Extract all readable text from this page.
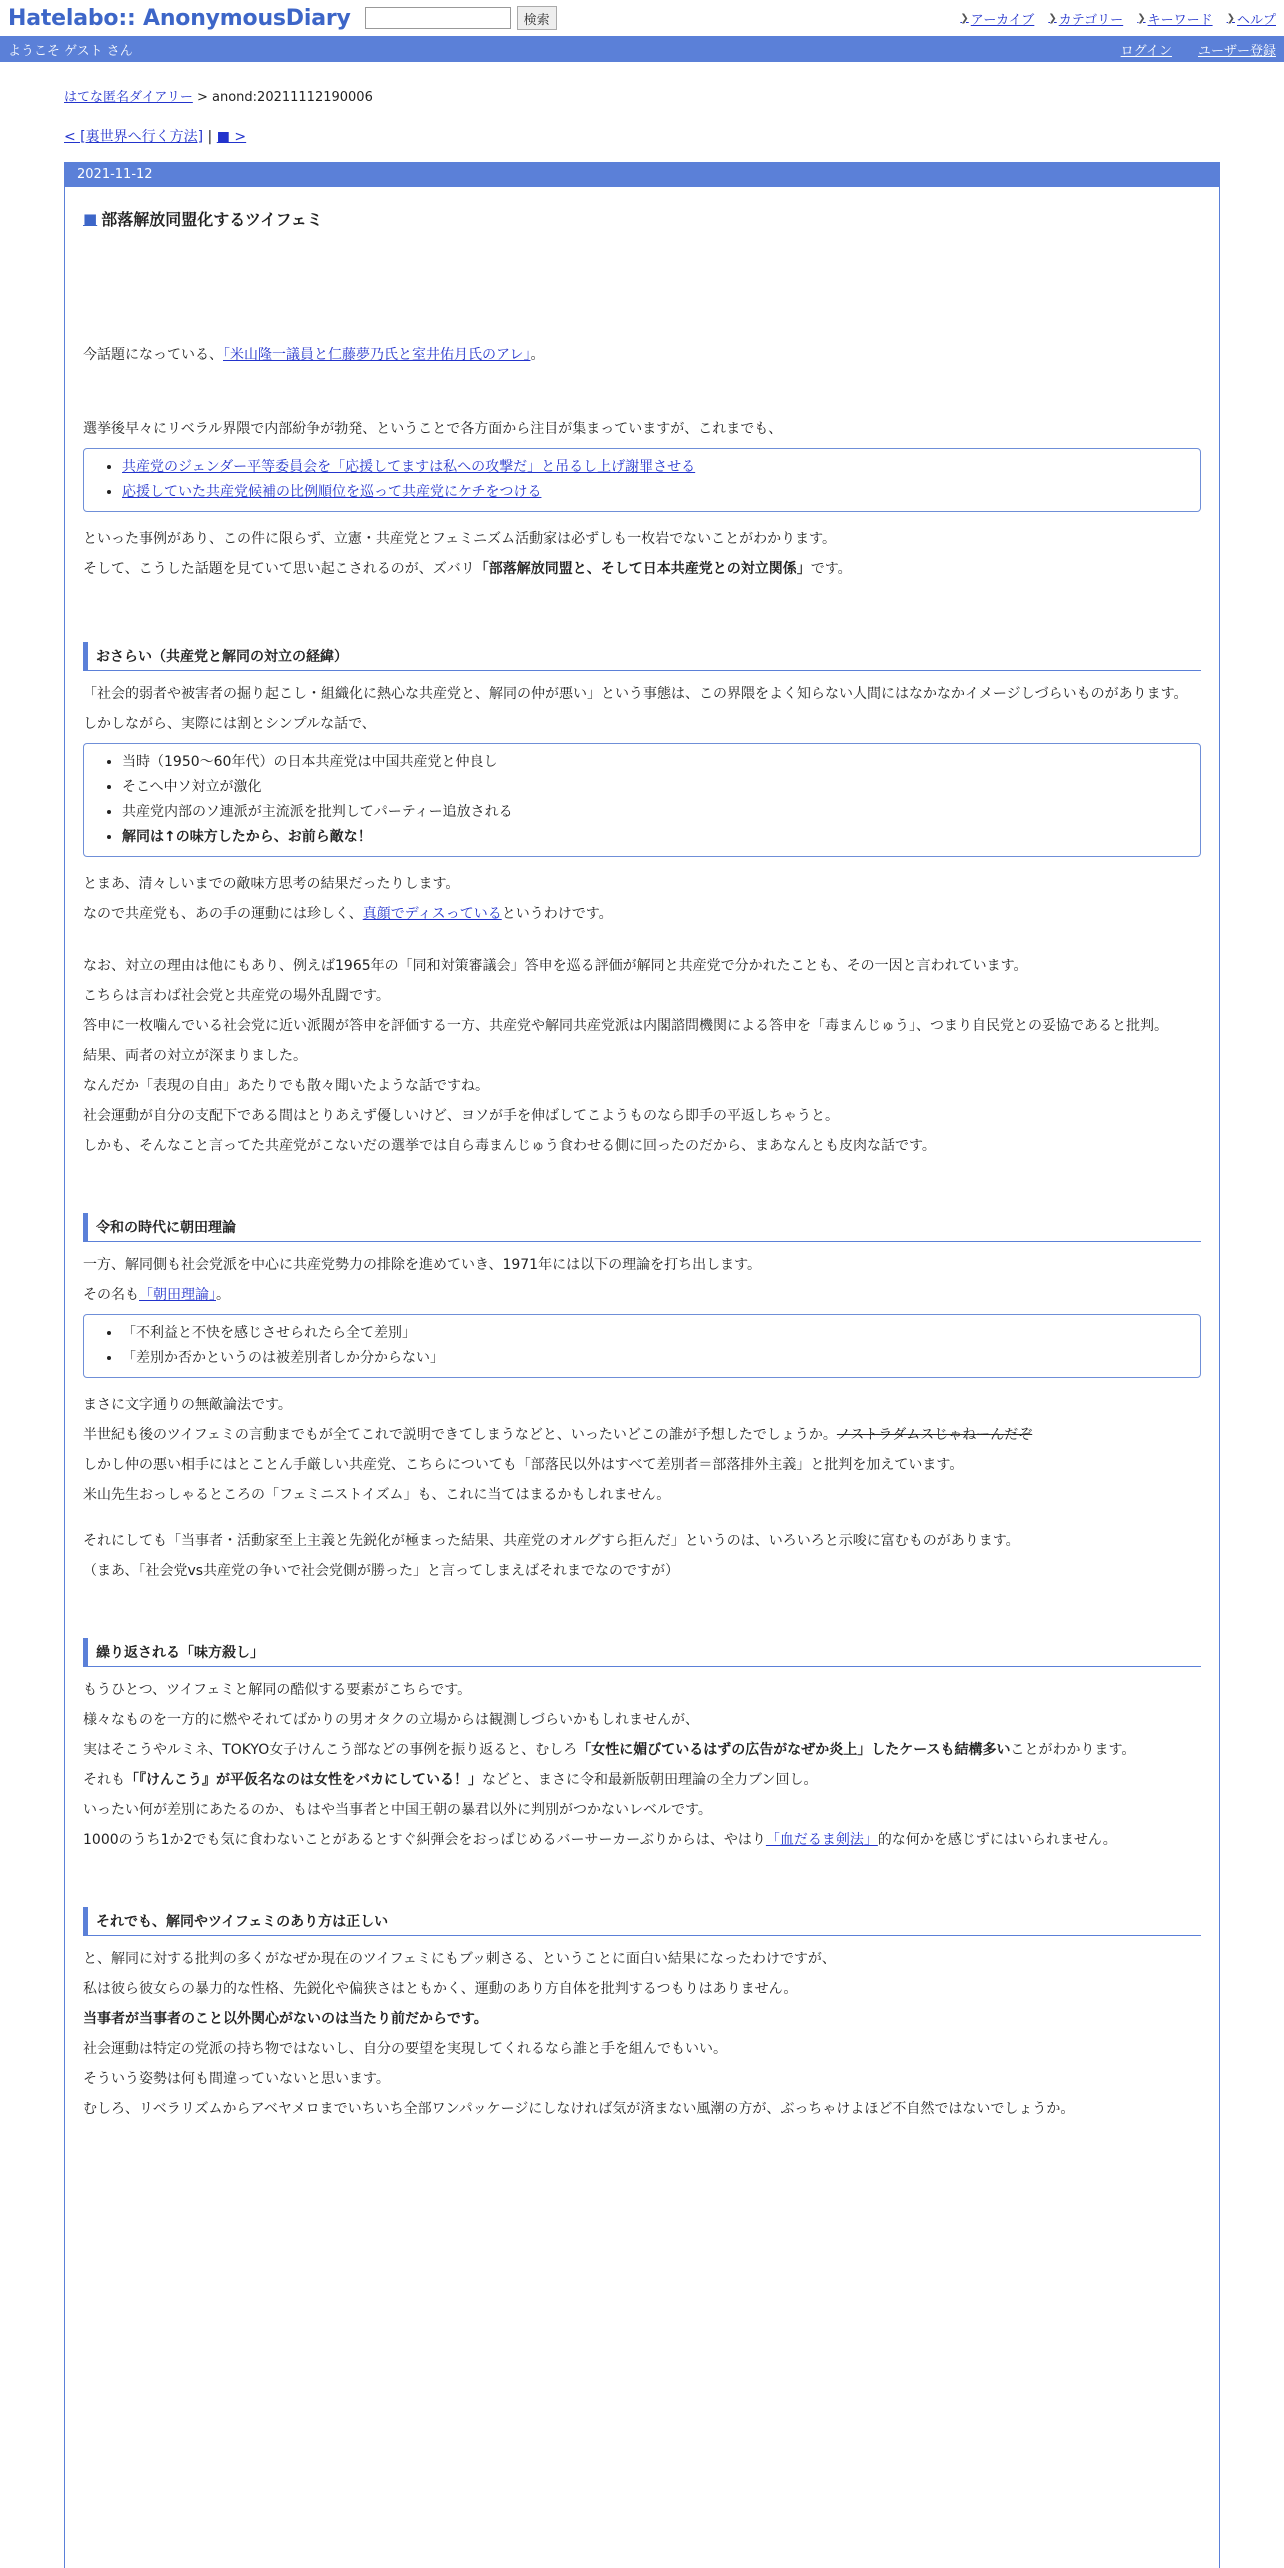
Hatelabo:: AnonymousDiary	検索	❯ アーカイブ ❯ カテゴリー ❯ キーワード ❯ ヘルプ
ようこそ ゲスト さん	ログイン ユーザー登録
はてな匿名ダイアリー > anond:20211112190006
< [裏世界へ行く方法] | ■ >
2021-11-12
■ 部落解放同盟化するツイフェミ

今話題になっている、「米山隆一議員と仁藤夢乃氏と室井佑月氏のアレ」。

選挙後早々にリベラル界隈で内部紛争が勃発、ということで各方面から注目が集まっていますが、これまでも、

• 共産党のジェンダー平等委員会を「応援してますは私への攻撃だ」と吊るし上げ謝罪させる
• 応援していた共産党候補の比例順位を巡って共産党にケチをつける

といった事例があり、この件に限らず、立憲・共産党とフェミニズム活動家は必ずしも一枚岩でないことがわかります。

そして、こうした話題を見ていて思い起こされるのが、ズバリ「部落解放同盟と、そして日本共産党との対立関係」です。

おさらい（共産党と解同の対立の経緯）

「社会的弱者や被害者の掘り起こし・組織化に熱心な共産党と、解同の仲が悪い」という事態は、この界隈をよく知らない人間にはなかなかイメージしづらいものがあります。

しかしながら、実際には割とシンプルな話で、

• 当時（1950～60年代）の日本共産党は中国共産党と仲良し
• そこへ中ソ対立が激化
• 共産党内部のソ連派が主流派を批判してパーティー追放される
• 解同は↑の味方したから、お前ら敵な！

とまあ、清々しいまでの敵味方思考の結果だったりします。

なので共産党も、あの手の運動には珍しく、真顔でディスっているというわけです。

なお、対立の理由は他にもあり、例えば1965年の「同和対策審議会」答申を巡る評価が解同と共産党で分かれたことも、その一因と言われています。

こちらは言わば社会党と共産党の場外乱闘です。

答申に一枚噛んでいる社会党に近い派閥が答申を評価する一方、共産党や解同共産党派は内閣諮問機関による答申を「毒まんじゅう」、つまり自民党との妥協であると批判。

結果、両者の対立が深まりました。

なんだか「表現の自由」あたりでも散々聞いたような話ですね。

社会運動が自分の支配下である間はとりあえず優しいけど、ヨソが手を伸ばしてこようものなら即手の平返しちゃうと。

しかも、そんなこと言ってた共産党がこないだの選挙では自ら毒まんじゅう食わせる側に回ったのだから、まあなんとも皮肉な話です。

令和の時代に朝田理論

一方、解同側も社会党派を中心に共産党勢力の排除を進めていき、1971年には以下の理論を打ち出します。

その名も「朝田理論」。

• 「不利益と不快を感じさせられたら全て差別」
• 「差別か否かというのは被差別者しか分からない」

まさに文字通りの無敵論法です。

半世紀も後のツイフェミの言動までもが全てこれで説明できてしまうなどと、いったいどこの誰が予想したでしょうか。ノストラダムスじゃねーんだぞ

しかし仲の悪い相手にはとことん手厳しい共産党、こちらについても「部落民以外はすべて差別者＝部落排外主義」と批判を加えています。

米山先生おっしゃるところの「フェミニストイズム」も、これに当てはまるかもしれません。

それにしても「当事者・活動家至上主義と先鋭化が極まった結果、共産党のオルグすら拒んだ」というのは、いろいろと示唆に富むものがあります。

（まあ、「社会党vs共産党の争いで社会党側が勝った」と言ってしまえばそれまでなのですが）

繰り返される「味方殺し」

もうひとつ、ツイフェミと解同の酷似する要素がこちらです。

様々なものを一方的に燃やそれてばかりの男オタクの立場からは観測しづらいかもしれませんが、

実はそこうやルミネ、TOKYO女子けんこう部などの事例を振り返ると、むしろ「女性に媚びているはずの広告がなぜか炎上」したケースも結構多いことがわかります。

それも「『けんこう』が平仮名なのは女性をバカにしている！」などと、まさに令和最新版朝田理論の全力ブン回し。

いったい何が差別にあたるのか、もはや当事者と中国王朝の暴君以外に判別がつかないレベルです。

1000のうち1か2でも気に食わないことがあるとすぐ糾弾会をおっぱじめるバーサーカーぶりからは、やはり「血だるま剣法」的な何かを感じずにはいられません。

それでも、解同やツイフェミのあり方は正しい

と、解同に対する批判の多くがなぜか現在のツイフェミにもブッ刺さる、ということに面白い結果になったわけですが、

私は彼ら彼女らの暴力的な性格、先鋭化や偏狭さはともかく、運動のあり方自体を批判するつもりはありません。

当事者が当事者のこと以外関心がないのは当たり前だからです。

社会運動は特定の党派の持ち物ではないし、自分の要望を実現してくれるなら誰と手を組んでもいい。

そういう姿勢は何も間違っていないと思います。

むしろ、リベラリズムからアベヤメロまでいちいち全部ワンパッケージにしなければ気が済まない風潮の方が、ぶっちゃけよほど不自然ではないでしょうか。
